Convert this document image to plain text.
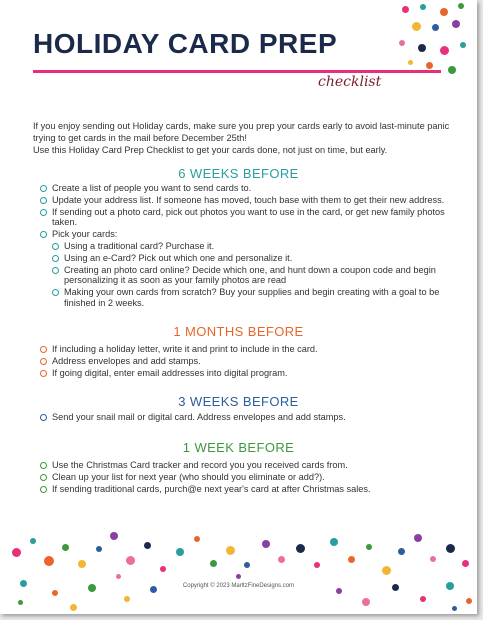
HOLIDAY CARD PREP
checklist

If you enjoy sending out Holiday cards, make sure you prep your cards early to avoid last-minute panic trying to get cards in the mail before December 25th!

Use this Holiday Card Prep Checklist to get your cards done, not just on time, but early.

6 WEEKS BEFORE
Create a list of people you want to send cards to.
Update your address list. If someone has moved, touch base with them to get their new address.
If sending out a photo card, pick out photos you want to use in the card, or get new family photos taken.
Pick your cards:
Using a traditional card? Purchase it.
Using an e-Card? Pick out which one and personalize it.
Creating an photo card online? Decide which one, and hunt down a coupon code and begin personalizing it as soon as your family photos are read
Making your own cards from scratch? Buy your supplies and begin creating with a goal to be finished in 2 weeks.
1 MONTHS BEFORE
If including a holiday letter, write it and print to include in the card.
Address envelopes and add stamps.
If going digital, enter email addresses into digital program.
3 WEEKS BEFORE
Send your snail mail or digital card. Address envelopes and add stamps.
1 WEEK BEFORE
Use the Christmas Card tracker and record you you received cards from.
Clean up your list for next year (who should you eliminate or add?).
If sending traditional cards, purch@e next year's card at after Christmas sales.
Copyright © 2023 MarltzFineDesigns.com
